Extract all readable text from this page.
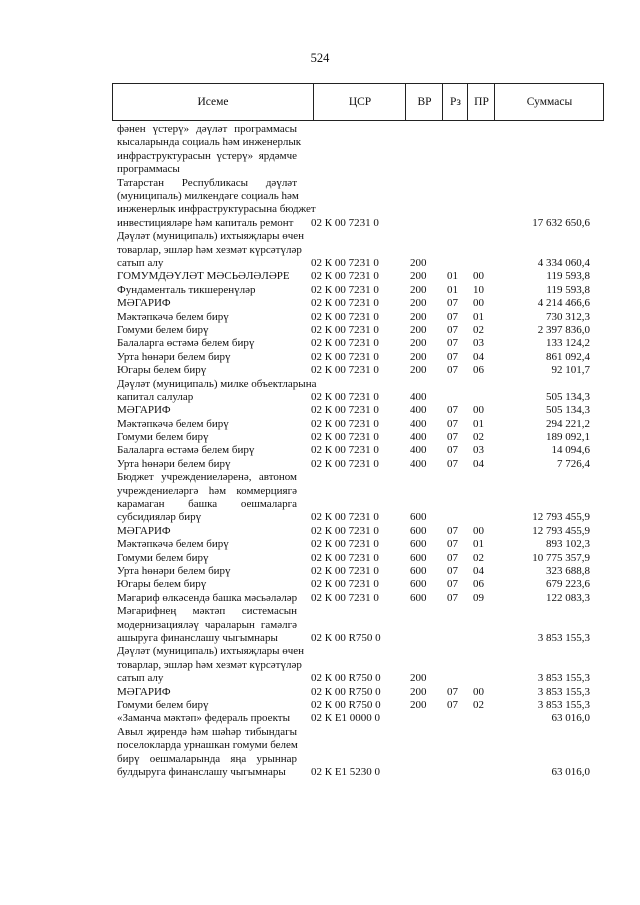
524
Исеме	ЦСР	ВР	Рз	ПР	Суммасы
фәнен үстерү» дәүләт программасы
кысаларында социаль һәм инженерлык
инфраструктурасын үстерү» ярдәмче
программасы
Татарстан Республикасы дәүләт
(муниципаль) милкендәге социаль һәм
инженерлык инфраструктурасына бюджет
инвестицияләре һәм капиталь ремонт	02 К 00 7231 0	17 632 650,6
Дәүләт (муниципаль) ихтыяҗлары өчен
товарлар, эшләр һәм хезмәт күрсәтүләр
сатып алу	02 К 00 7231 0	200	4 334 060,4
ГОМУМДӘҮЛӘТ МӘСЬӘЛӘЛӘРЕ	02 К 00 7231 0	200	01	00	119 593,8
Фундаменталь тикшеренүләр	02 К 00 7231 0	200	01	10	119 593,8
МӘГАРИФ	02 К 00 7231 0	200	07	00	4 214 466,6
Мәктәпкәчә белем бирү	02 К 00 7231 0	200	07	01	730 312,3
Гомуми белем бирү	02 К 00 7231 0	200	07	02	2 397 836,0
Балаларга өстәмә белем бирү	02 К 00 7231 0	200	07	03	133 124,2
Урта һөнәри белем бирү	02 К 00 7231 0	200	07	04	861 092,4
Югары белем бирү	02 К 00 7231 0	200	07	06	92 101,7
Дәүләт (муниципаль) милке объектларына
капитал салулар	02 К 00 7231 0	400	505 134,3
МӘГАРИФ	02 К 00 7231 0	400	07	00	505 134,3
Мәктәпкәчә белем бирү	02 К 00 7231 0	400	07	01	294 221,2
Гомуми белем бирү	02 К 00 7231 0	400	07	02	189 092,1
Балаларга өстәмә белем бирү	02 К 00 7231 0	400	07	03	14 094,6
Урта һөнәри белем бирү	02 К 00 7231 0	400	07	04	7 726,4
Бюджет учреждениеләренә, автоном
учреждениеләргә һәм коммерциягә
карамаган башка оешмаларга
субсидияләр бирү	02 К 00 7231 0	600	12 793 455,9
МӘГАРИФ	02 К 00 7231 0	600	07	00	12 793 455,9
Мәктәпкәчә белем бирү	02 К 00 7231 0	600	07	01	893 102,3
Гомуми белем бирү	02 К 00 7231 0	600	07	02	10 775 357,9
Урта һөнәри белем бирү	02 К 00 7231 0	600	07	04	323 688,8
Югары белем бирү	02 К 00 7231 0	600	07	06	679 223,6
Мәгариф өлкәсендә башка мәсьәләләр 02 К 00 7231 0	600	07	09	122 083,3
Мәгарифнең мәктәп системасын
модернизацияләү чараларын гамәлгә
ашыруга финанслашу чыгымнары	02 К 00 R750 0	3 853 155,3
Дәүләт (муниципаль) ихтыяҗлары өчен
товарлар, эшләр һәм хезмәт күрсәтүләр
сатып алу	02 К 00 R750 0	200	3 853 155,3
МӘГАРИФ	02 К 00 R750 0	200	07	00	3 853 155,3
Гомуми белем бирү	02 К 00 R750 0	200	07	02	3 853 155,3
«Заманча мәктәп» федераль проекты	02 К Е1 0000 0	63 016,0
Авыл җирендә һәм шәһәр тибындагы
поселокларда урнашкан гомуми белем
бирү оешмаларында яңа урыннар
булдыруга финанслашу чыгымнары	02 К Е1 5230 0	63 016,0
